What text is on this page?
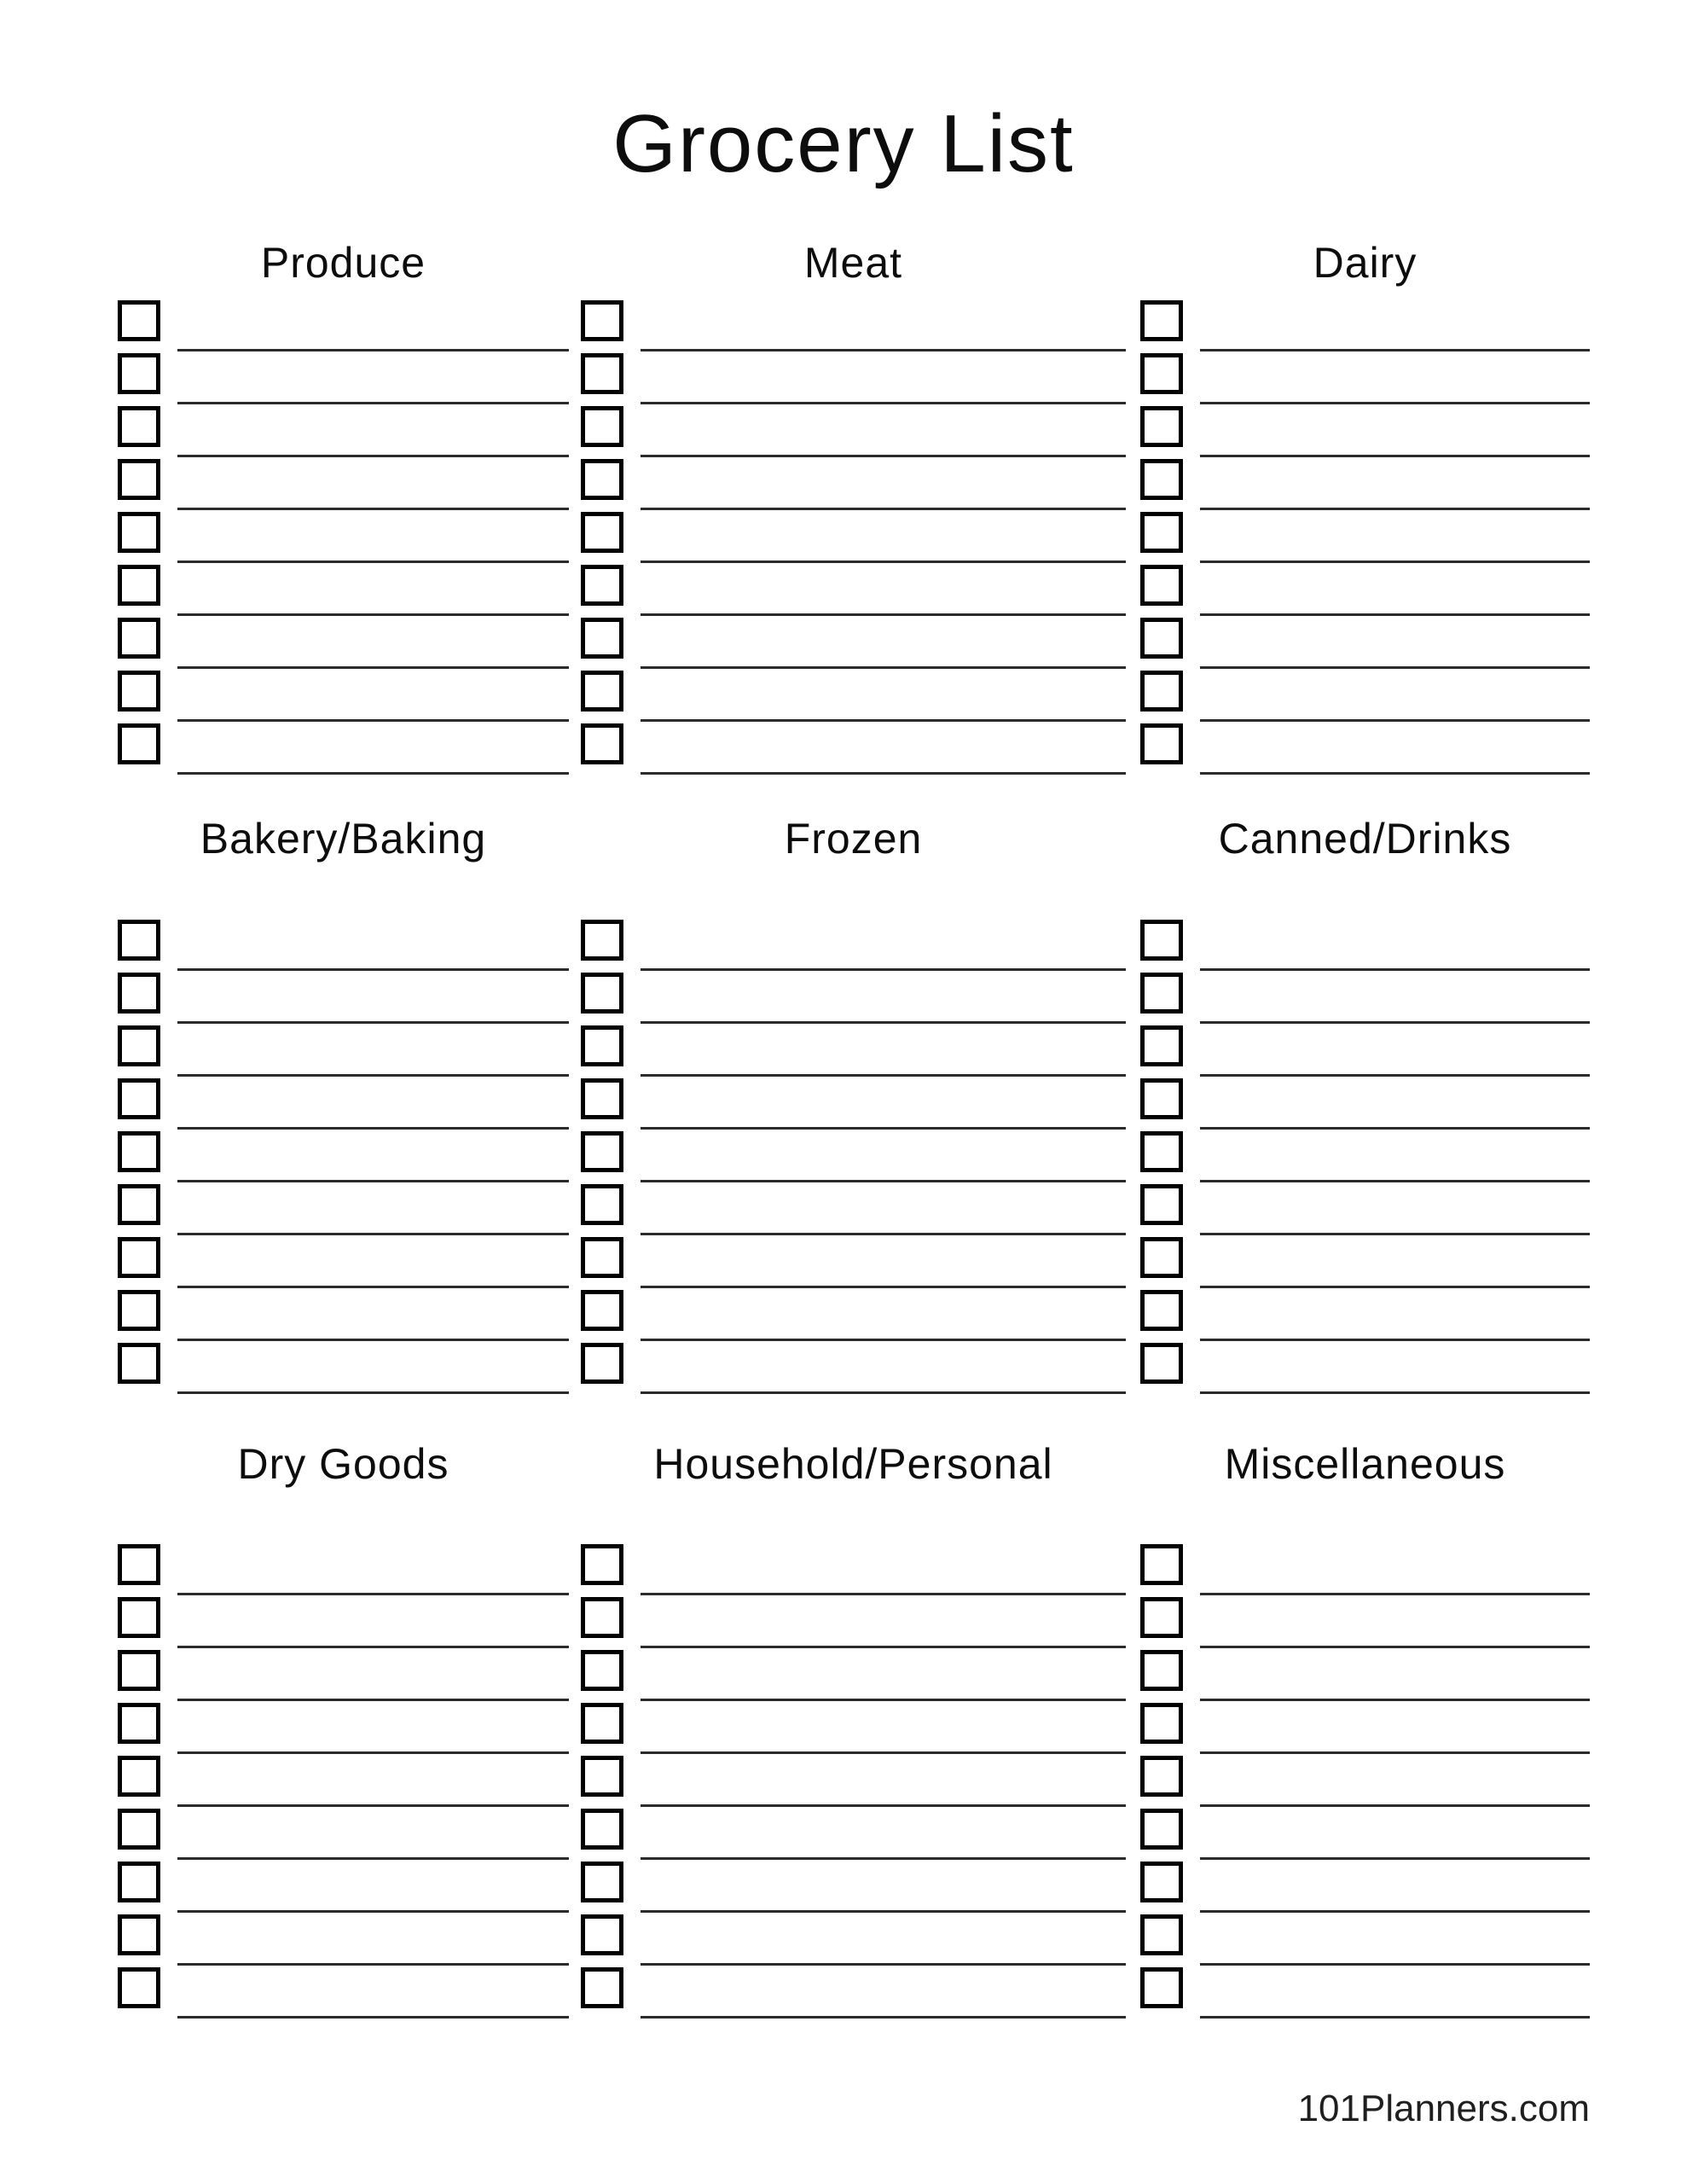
Grocery List
Produce	Meat	Dairy
Bakery/Baking	Frozen	Canned/Drinks
Dry Goods	Household/Personal	Miscellaneous
101Planners.com
